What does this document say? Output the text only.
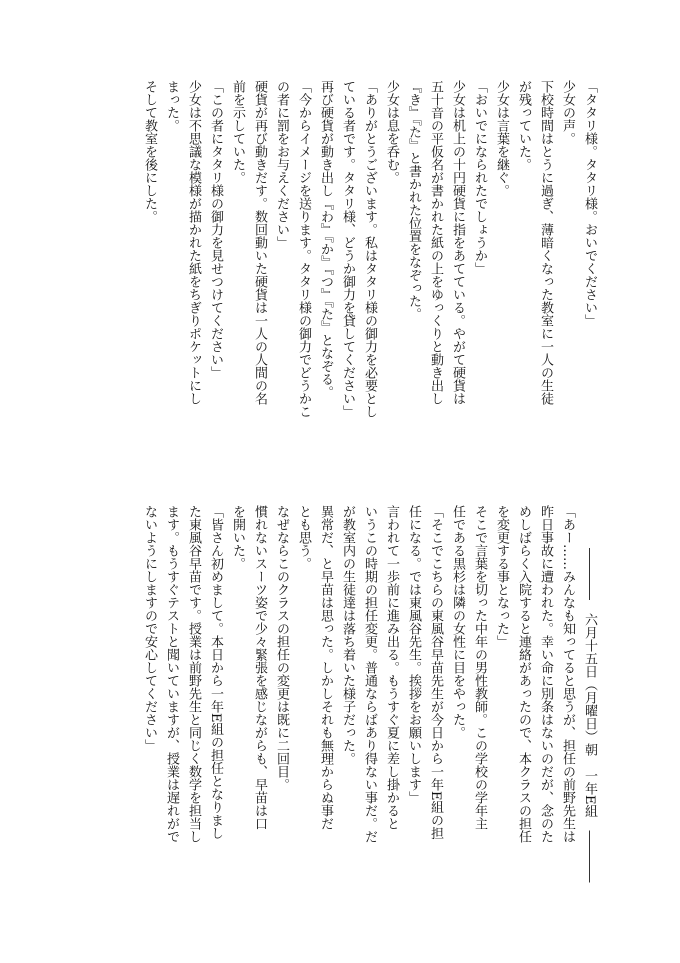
「タタリ様。タタリ様。おいでください」
少女の声。
下校時間はとうに過ぎ、薄暗くなった教室に一人の生徒
が残っていた。
少女は言葉を継ぐ。
「おいでになられたでしょうか」
少女は机上の十円硬貨に指をあてている。やがて硬貨は
五十音の平仮名が書かれた紙の上をゆっくりと動き出し
『き』『た』と書かれた位置をなぞった。
少女は息を呑む。
「ありがとうございます。私はタタリ様の御力を必要とし
ている者です。タタリ様、どうか御力を貸してください」
再び硬貨が動き出し『わ』『か』『つ』『た』となぞる。
「今からイメージを送ります。タタリ様の御力でどうかこ
の者に罰をお与えください」
硬貨が再び動きだす。数回動いた硬貨は一人の人間の名
前を示していた。
「この者にタタリ様の御力を見せつけてください」
少女は不思議な模様が描かれた紙をちぎりポケットにし
まった。
そして教室を後にした。
――――　六月十五日（月曜日）朝　一年E組　――――
「あー……みんなも知ってると思うが、担任の前野先生は
昨日事故に遭われた。幸い命に別条はないのだが、念のた
めしばらく入院すると連絡があったので、本クラスの担任
を変更する事となった」
そこで言葉を切った中年の男性教師。この学校の学年主
任である黒杉は隣の女性に目をやった。
「そこでこちらの東風谷早苗先生が今日から一年E組の担
任になる。では東風谷先生。挨拶をお願いします」
言われて一歩前に進み出る。もうすぐ夏に差し掛かると
いうこの時期の担任変更。普通ならばあり得ない事だ。だ
が教室内の生徒達は落ち着いた様子だった。
異常だ、と早苗は思った。しかしそれも無理からぬ事だ
とも思う。
なぜならこのクラスの担任の変更は既に二回目。
慣れないスーツ姿で少々緊張を感じながらも、早苗は口
を開いた。
「皆さん初めまして。本日から一年E組の担任となりまし
た東風谷早苗です。授業は前野先生と同じく数学を担当し
ます。もうすぐテストと聞いていますが、授業は遅れがで
ないようにしますので安心してください」
